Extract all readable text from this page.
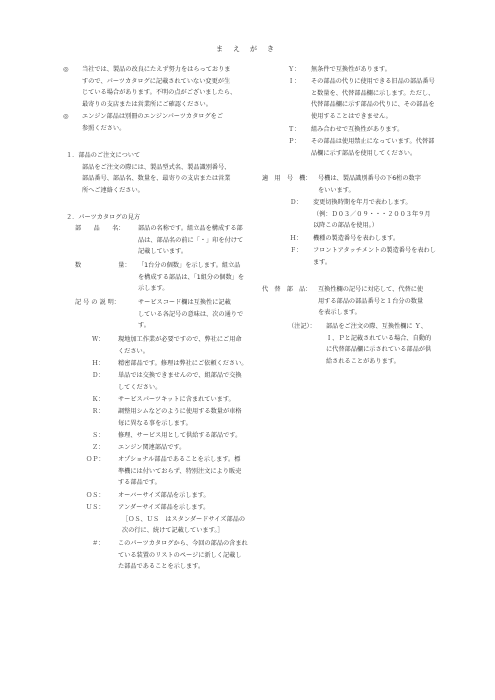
まえがき
◎ 当社では、製品の改良にたえず努力をはらっておりま
すので、パーツカタログに記載されていない変更が生
じている場合があります。不明の点がございましたら、
最寄りの支店または営業所にご確認ください。
◎ エンジン部品は別冊のエンジンパーツカタログをご
参照ください。
１．部品のご注文について
部品をご注文の際には、製品型式名、製品識別番号、
部品番号、部品名、数量を、最寄りの支店または営業
所へご連絡ください。
２．パーツカタログの見方
部　　品　　名： 部品の名称です。組立品を構成する部
品は、部品名の前に「・」印を付けて
記載しています。
数　　　　　　量： 「1台分の個数」を示します。組立品
を構成する部品は、「1組分の個数」を
示します。
記 号 の 説 明：	サービスコード欄は互換性に記載
している各記号の意味は、次の通りで
す。
Ｗ： 現地加工作業が必要ですので、弊社にご用命
ください。
Ｈ： 精密部品です。修理は弊社にご依頼ください。
Ｄ： 単品では交換できませんので、組部品で交換
してください。
Ｋ： サービスパーツキットに含まれています。
Ｒ： 調整用シムなどのように使用する数量が車格
毎に異なる事を示します。
Ｓ： 修理、サービス用として供給する部品です。
Ｚ： エンジン関連部品です。
ＯＰ： オプショナル部品であることを示します。標
準機には付いておらず、特別注文により販売
する部品です。
ＯＳ： オーバーサイズ部品を示します。
ＵＳ： アンダーサイズ部品を示します。
［ＯＳ、ＵＳ　はスタンダードサイズ部品の
次の行に、続けて記載しています。］
＃： このパーツカタログから、今回の部品の含まれ
ている装置のリストのページに新しく記載し
た部品であることを示します。
Ｙ： 無条件で互換性があります。
Ｉ： その部品の代りに使用できる旧品の部品番号
と数量を、代替部品欄に示します。ただし、
代替部品欄に示す部品の代りに、その部品を
使用することはできません。
Ｔ： 組み合わせで互換性があります。
Ｐ： その部品は使用禁止になっています。代替部
品欄に示す部品を使用してください。
適　用　号　機： 号機は、製品識別番号の下6桁の数字
をいいます。
Ｄ： 変更切換時期を年月で表わします。
（例：Ｄ０３／０９・・・２００３年９月
以降この部品を使用。）
Ｈ： 機種の製造番号を表わします。
Ｆ： フロントアタッチメントの製造番号を表わし
ます。
代　替　部　品： 互換性欄の記号に対応して、代替に使
用する部品の部品番号と１台分の数量
を表示します。
（注記）： 部品をご注文の際、互換性欄に Ｙ、
Ｉ、Ｐと記載されている場合、自動的
に代替部品欄に示されている部品が供
給されることがあります。
